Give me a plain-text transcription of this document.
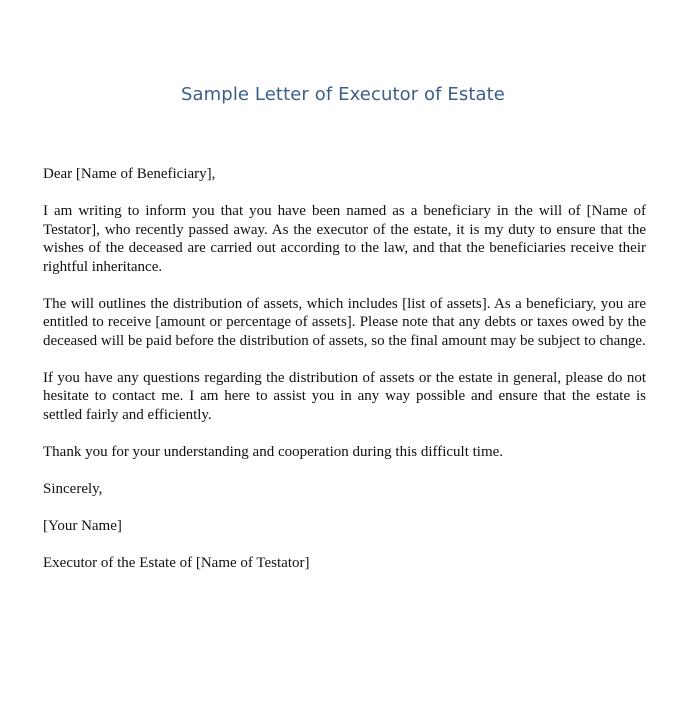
Sample Letter of Executor of Estate

Dear [Name of Beneficiary],

I am writing to inform you that you have been named as a beneficiary in the will of [Name of Testator], who recently passed away. As the executor of the estate, it is my duty to ensure that the wishes of the deceased are carried out according to the law, and that the beneficiaries receive their rightful inheritance.

The will outlines the distribution of assets, which includes [list of assets]. As a beneficiary, you are entitled to receive [amount or percentage of assets]. Please note that any debts or taxes owed by the deceased will be paid before the distribution of assets, so the final amount may be subject to change.

If you have any questions regarding the distribution of assets or the estate in general, please do not hesitate to contact me. I am here to assist you in any way possible and ensure that the estate is settled fairly and efficiently.

Thank you for your understanding and cooperation during this difficult time.

Sincerely,

[Your Name]

Executor of the Estate of [Name of Testator]
